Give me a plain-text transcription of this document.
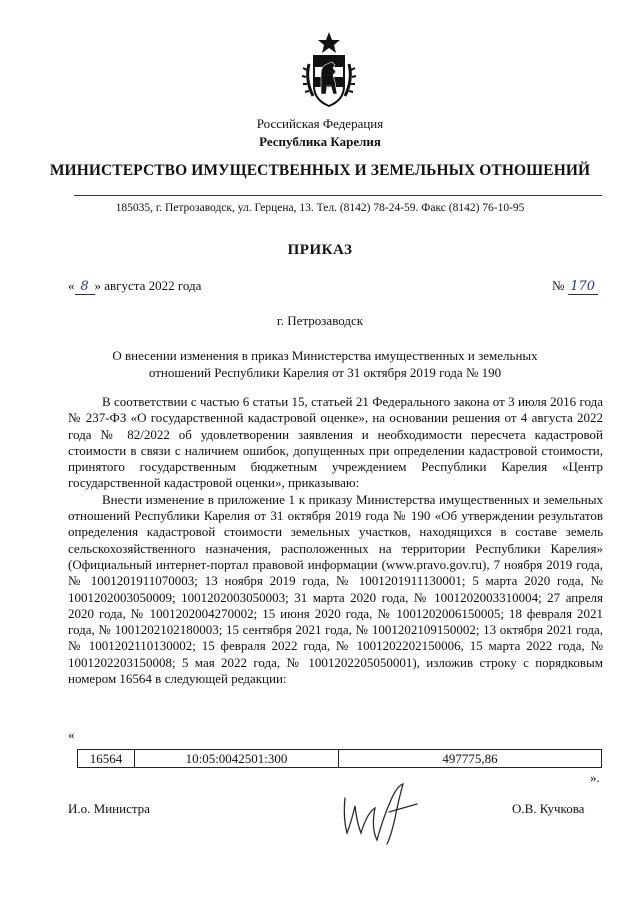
Российская Федерация
Республика Карелия
МИНИСТЕРСТВО ИМУЩЕСТВЕННЫХ И ЗЕМЕЛЬНЫХ ОТНОШЕНИЙ
185035, г. Петрозаводск, ул. Герцена, 13. Тел. (8142) 78-24-59. Факс (8142) 76-10-95
ПРИКАЗ
« 8 » августа 2022 года	№ 170
г. Петрозаводск
О внесении изменения в приказ Министерства имущественных и земельных отношений Республики Карелия от 31 октября 2019 года № 190

В соответствии с частью 6 статьи 15, статьей 21 Федерального закона от 3 июля 2016 года № 237-ФЗ «О государственной кадастровой оценке», на основании решения от 4 августа 2022 года № 82/2022 об удовлетворении заявления и необходимости пересчета кадастровой стоимости в связи с наличием ошибок, допущенных при определении кадастровой стоимости, принятого государственным бюджетным учреждением Республики Карелия «Центр государственной кадастровой оценки», приказываю:

Внести изменение в приложение 1 к приказу Министерства имущественных и земельных отношений Республики Карелия от 31 октября 2019 года № 190 «Об утверждении результатов определения кадастровой стоимости земельных участков, находящихся в составе земель сельскохозяйственного назначения, расположенных на территории Республики Карелия» (Официальный интернет-портал правовой информации (www.pravo.gov.ru), 7 ноября 2019 года, № 1001201911070003; 13 ноября 2019 года, № 1001201911130001; 5 марта 2020 года, № 1001202003050009; 1001202003050003; 31 марта 2020 года, № 1001202003310004; 27 апреля 2020 года, № 1001202004270002; 15 июня 2020 года, № 1001202006150005; 18 февраля 2021 года, № 1001202102180003; 15 сентября 2021 года, № 1001202109150002; 13 октября 2021 года, № 1001202110130002; 15 февраля 2022 года, № 1001202202150006, 15 марта 2022 года, № 1001202203150008; 5 мая 2022 года, № 1001202205050001), изложив строку с порядковым номером 16564 в следующей редакции:

«
16564	10:05:0042501:300	497775,86
».
И.о. Министра	О.В. Кучкова
